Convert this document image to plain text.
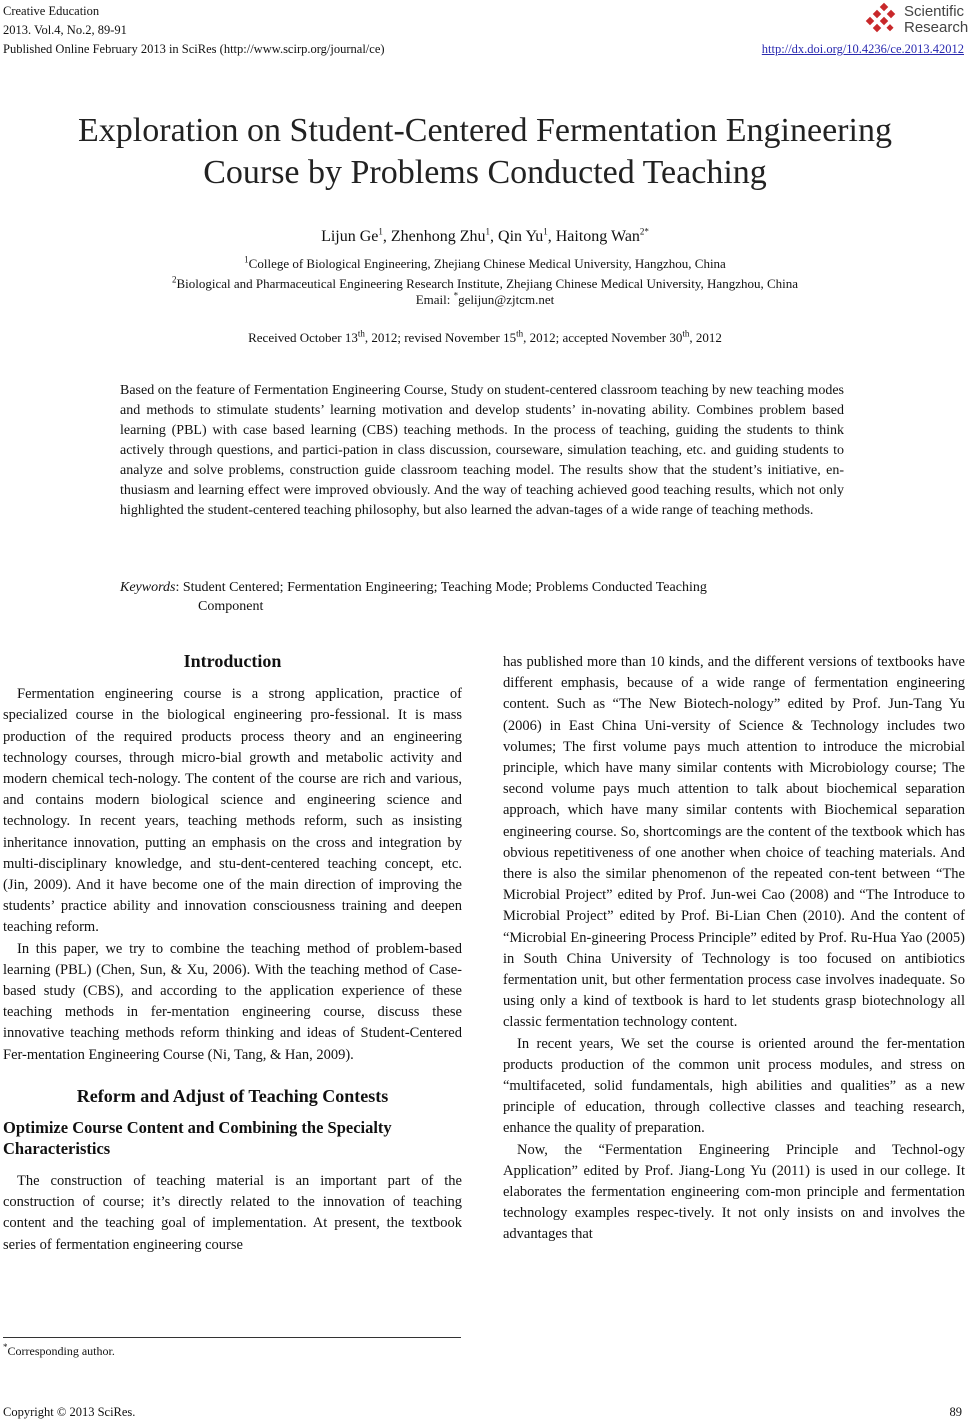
Creative Education
2013. Vol.4, No.2, 89-91
Published Online February 2013 in SciRes (http://www.scirp.org/journal/ce)	http://dx.doi.org/10.4236/ce.2013.42012
Scientific
Research
Exploration on Student-Centered Fermentation Engineering
Course by Problems Conducted Teaching
Lijun Ge$^1$, Zhenhong Zhu$^1$, Qin Yu$^1$, Haitong Wan$^{2*}$
$^1$College of Biological Engineering, Zhejiang Chinese Medical University, Hangzhou, China
$^2$Biological and Pharmaceutical Engineering Research Institute, Zhejiang Chinese Medical University, Hangzhou, China
Email: *gelijun@zjtcm.net
Received October 13th, 2012; revised November 15th, 2012; accepted November 30th, 2012
Based on the feature of Fermentation Engineering Course, Study on student-centered classroom teaching by new teaching modes and methods to stimulate students’ learning motivation and develop students’ in-novating ability. Combines problem based learning (PBL) with case based learning (CBS) teaching methods. In the process of teaching, guiding the students to think actively through questions, and partici-pation in class discussion, courseware, simulation teaching, etc. and guiding students to analyze and solve problems, construction guide classroom teaching model. The results show that the student’s initiative, en-thusiasm and learning effect were improved obviously. And the way of teaching achieved good teaching results, which not only highlighted the student-centered teaching philosophy, but also learned the advan-tages of a wide range of teaching methods.
Keywords: Student Centered; Fermentation Engineering; Teaching Mode; Problems Conducted Teaching
Component
Introduction

Fermentation engineering course is a strong application, practice of specialized course in the biological engineering pro-fessional. It is mass production of the required products process theory and an engineering technology courses, through micro-bial growth and metabolic activity and modern chemical tech-nology. The content of the course are rich and various, and contains modern biological science and engineering science and technology. In recent years, teaching methods reform, such as insisting inheritance innovation, putting an emphasis on the cross and integration by multi-disciplinary knowledge, and stu-dent-centered teaching concept, etc. (Jin, 2009). And it have become one of the main direction of improving the students’ practice ability and innovation consciousness training and deepen teaching reform.

In this paper, we try to combine the teaching method of problem-based learning (PBL) (Chen, Sun, & Xu, 2006). With the teaching method of Case-based study (CBS), and according to the application experience of these teaching methods in fer-mentation engineering course, discuss these innovative teaching methods reform thinking and ideas of Student-Centered Fer-mentation Engineering Course (Ni, Tang, & Han, 2009).

Reform and Adjust of Teaching Contests
Optimize Course Content and Combining the Specialty Characteristics

The construction of teaching material is an important part of the construction of course; it’s directly related to the innovation of teaching content and the teaching goal of implementation. At present, the textbook series of fermentation engineering course

*Corresponding author.

has published more than 10 kinds, and the different versions of textbooks have different emphasis, because of a wide range of fermentation engineering content. Such as “The New Biotech-nology” edited by Prof. Jun-Tang Yu (2006) in East China Uni-versity of Science & Technology includes two volumes; The first volume pays much attention to introduce the microbial principle, which have many similar contents with Microbiology course; The second volume pays much attention to talk about biochemical separation approach, which have many similar contents with Biochemical separation engineering course. So, shortcomings are the content of the textbook which has obvious repetitiveness of one another when choice of teaching materials. And there is also the similar phenomenon of the repeated con-tent between “The Microbial Project” edited by Prof. Jun-wei Cao (2008) and “The Introduce to Microbial Project” edited by Prof. Bi-Lian Chen (2010). And the content of “Microbial En-gineering Process Principle” edited by Prof. Ru-Hua Yao (2005) in South China University of Technology is too focused on antibiotics fermentation unit, but other fermentation process case involves inadequate. So using only a kind of textbook is hard to let students grasp biotechnology all classic fermentation technology content.

In recent years, We set the course is oriented around the fer-mentation products production of the common unit process modules, and stress on “multifaceted, solid fundamentals, high abilities and qualities” as a new principle of education, through collective classes and teaching research, enhance the quality of preparation.

Now, the “Fermentation Engineering Principle and Technol-ogy Application” edited by Prof. Jiang-Long Yu (2011) is used in our college. It elaborates the fermentation engineering com-mon principle and fermentation technology examples respec-tively. It not only insists on and involves the advantages that

Copyright © 2013 SciRes.	89
